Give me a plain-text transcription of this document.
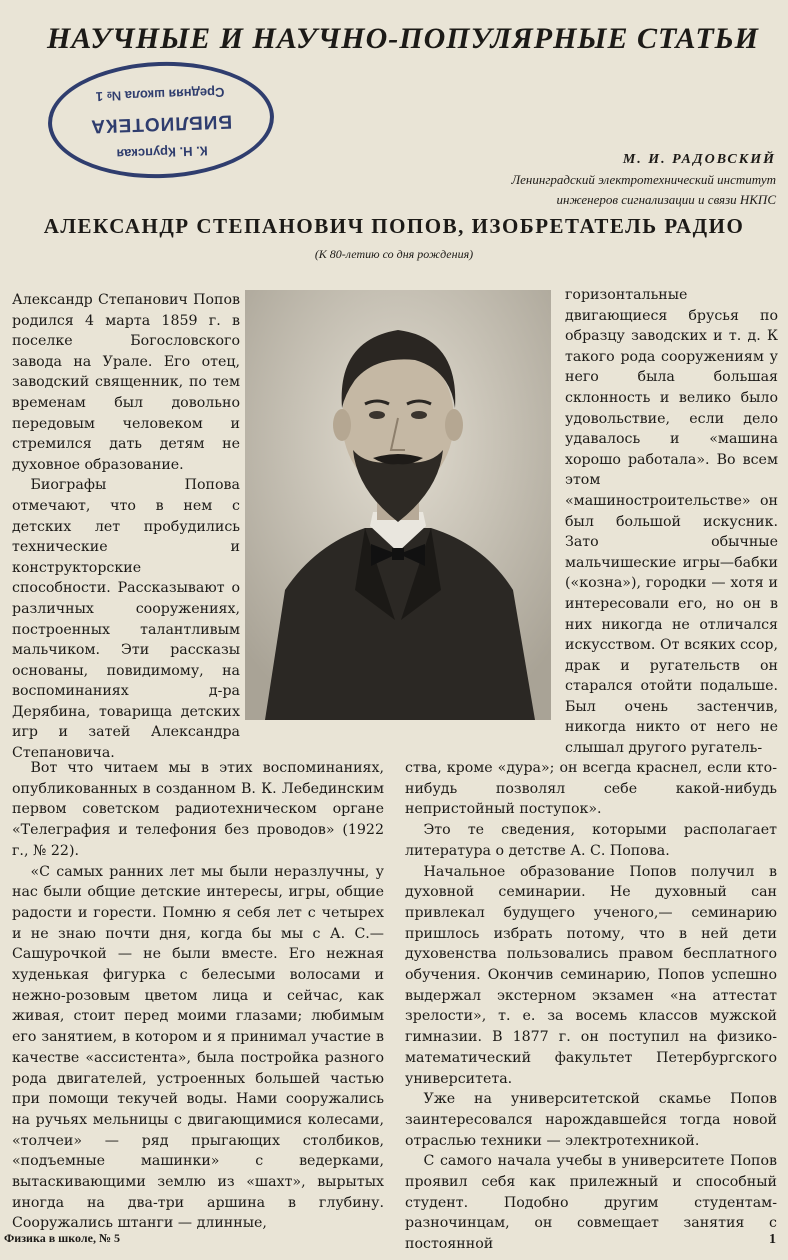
НАУЧНЫЕ И НАУЧНО-ПОПУЛЯРНЫЕ СТАТЬИ
К. Н. Крупская
БИБЛИОТЕКА
Средняя школа № 1
М. И. РАДОВСКИЙ
Ленинградский электротехнический институт
инженеров сигнализации и связи НКПС
АЛЕКСАНДР СТЕПАНОВИЧ ПОПОВ, ИЗОБРЕТАТЕЛЬ РАДИО
(К 80-летию со дня рождения)

Александр Степанович Попов родился 4 марта 1859 г. в поселке Богословского завода на Урале. Его отец, заводский священник, по тем временам был довольно передовым человеком и стремился дать детям не духовное образование.

Биографы Попова отмечают, что в нем с детских лет пробудились технические и конструкторские способности. Рассказывают о различных сооружениях, построенных талантливым мальчиком. Эти рассказы основаны, повидимому, на воспоминаниях д-ра Дерябина, товарища детских игр и затей Александра Степановича.

горизонтальные двигающиеся брусья по образцу заводских и т. д. К такого рода сооружениям у него была большая склонность и велико было удовольствие, если дело удавалось и «машина хорошо работала». Во всем этом «машиностроительстве» он был большой искусник. Зато обычные мальчишеские игры—бабки («козна»), городки — хотя и интересовали его, но он в них никогда не отличался искусством. От всяких ссор, драк и ругательств он старался отойти подальше. Был очень застенчив, никогда никто от него не слышал другого ругатель-

Вот что читаем мы в этих воспоминаниях, опубликованных в созданном В. К. Лебединским первом советском радиотехническом органе «Телеграфия и телефония без проводов» (1922 г., № 22).

«С самых ранних лет мы были неразлучны, у нас были общие детские интересы, игры, общие радости и горести. Помню я себя лет с четырех и не знаю почти дня, когда бы мы с А. С.— Сашурочкой — не были вместе. Его нежная худенькая фигурка с белесыми волосами и нежно-розовым цветом лица и сейчас, как живая, стоит перед моими глазами; любимым его занятием, в котором и я принимал участие в качестве «ассистента», была постройка разного рода двигателей, устроенных большей частью при помощи текучей воды. Нами сооружались на ручьях мельницы с двигающимися колесами, «толчеи» — ряд прыгающих столбиков, «подъемные машинки» с ведерками, вытаскивающими землю из «шахт», вырытых иногда на два-три аршина в глубину. Сооружались штанги — длинные,

ства, кроме «дура»; он всегда краснел, если кто-нибудь позволял себе какой-нибудь непристойный поступок».

Это те сведения, которыми располагает литература о детстве А. С. Попова.

Начальное образование Попов получил в духовной семинарии. Не духовный сан привлекал будущего ученого,— семинарию пришлось избрать потому, что в ней дети духовенства пользовались правом бесплатного обучения. Окончив семинарию, Попов успешно выдержал экстерном экзамен «на аттестат зрелости», т. е. за восемь классов мужской гимназии. В 1877 г. он поступил на физико-математический факультет Петербургского университета.

Уже на университетской скамье Попов заинтересовался нарождавшейся тогда новой отраслью техники — электротехникой.

С самого начала учебы в университете Попов проявил себя как прилежный и способный студент. Подобно другим студентам-разночинцам, он совмещает занятия с постоянной

Физика в школе, № 5	1
